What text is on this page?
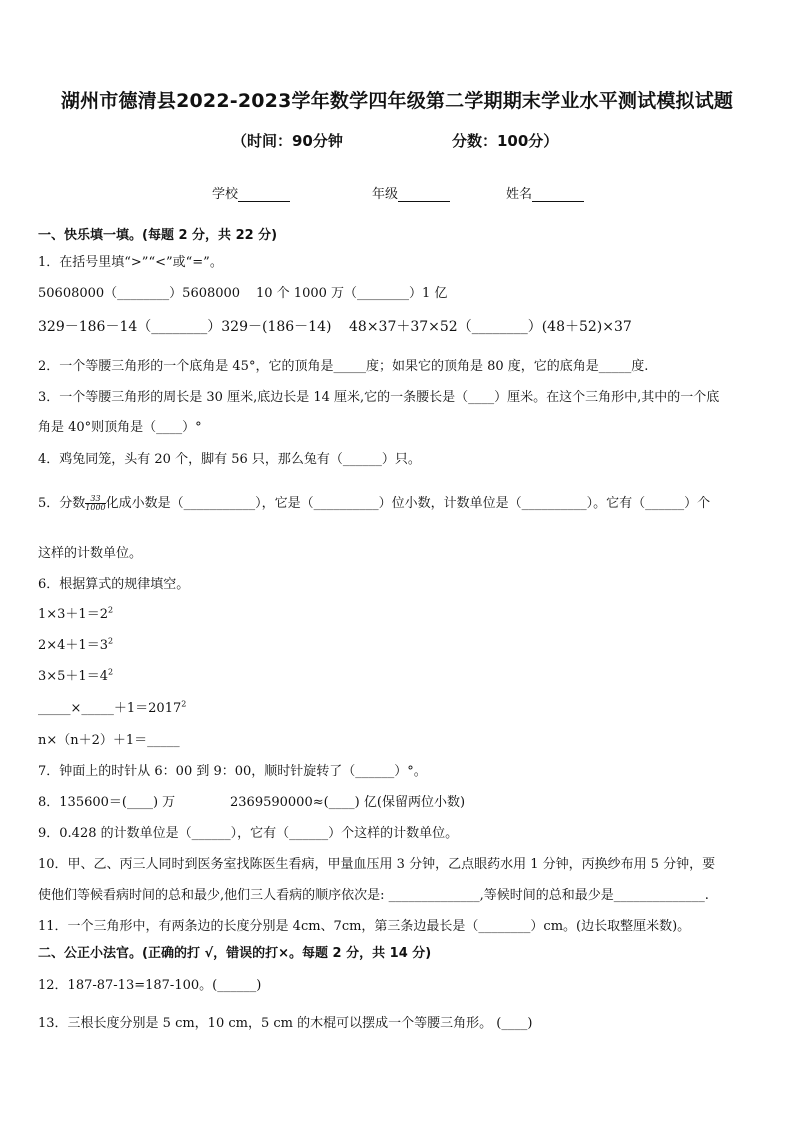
湖州市德清县2022-2023学年数学四年级第二学期期末学业水平测试模拟试题
（时间：90分钟	分数：100分）
学校	年级	姓名
一、快乐填一填。(每题 2 分，共 22 分)
1．在括号里填“>”“<”或“=”。
50608000（________）5608000 10 个 1000 万（________）1 亿
329－186－14（________）329－(186－14) 48×37＋37×52（________）(48＋52)×37
2．一个等腰三角形的一个底角是 45°，它的顶角是_____度；如果它的顶角是 80 度，它的底角是_____度.
3．一个等腰三角形的周长是 30 厘米,底边长是 14 厘米,它的一条腰长是（____）厘米。在这个三角形中,其中的一个底
角是 40°则顶角是（____）°
4．鸡兔同笼，头有 20 个，脚有 56 只，那么兔有（______）只。
5．分数 $\frac{33}{1000}$ 化成小数是（___________），它是（__________）位小数，计数单位是（__________）。它有（______）个
这样的计数单位。
6．根据算式的规律填空。
$1\times 3+1=2^2$
$2\times 4+1=3^2$
$3\times 5+1=4^2$
$\_\_\_\_\_\times\_\_\_\_\_+1=2017^2$
n×（n＋2）＋1＝_____
7．钟面上的时针从 6：00 到 9：00，顺时针旋转了（______）°。
8．135600＝(____) 万	2369590000≈(____) 亿(保留两位小数)
9．0.428 的计数单位是（______），它有（______）个这样的计数单位。
10．甲、乙、丙三人同时到医务室找陈医生看病，甲量血压用 3 分钟，乙点眼药水用 1 分钟，丙换纱布用 5 分钟，要
使他们等候看病时间的总和最少,他们三人看病的顺序依次是: ______________,等候时间的总和最少是______________.
11．一个三角形中，有两条边的长度分别是 4cm、7cm，第三条边最长是（________）cm。(边长取整厘米数)。
二、公正小法官。(正确的打 √，错误的打×。每题 2 分，共 14 分)
12．187-87-13=187-100。(______)
13．三根长度分别是 5 cm，10 cm，5 cm 的木棍可以摆成一个等腰三角形。 (____)
